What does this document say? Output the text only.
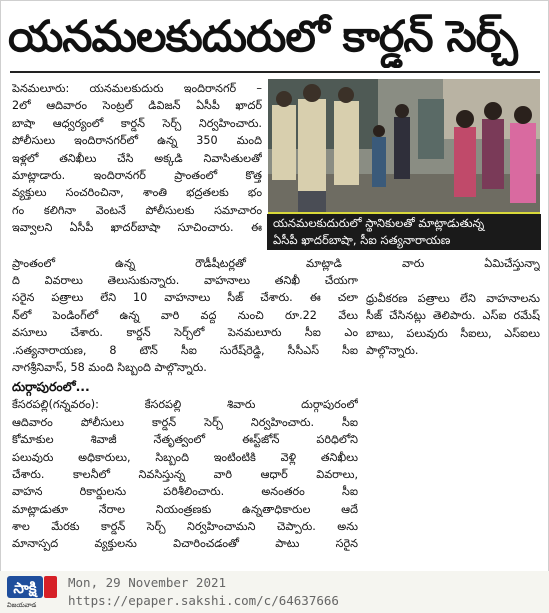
యనమలకుదురులో కార్డన్ సెర్చ్
పెనమలూరు: యనమలకుదురు ఇందిరానగర్ –
2లో ఆదివారం సెంట్రల్ డివిజన్ ఏసీపీ ఖాదర్
బాషా ఆధ్వర్యంలో కార్డన్ సెర్చ్ నిర్వహించారు.
పోలీసులు ఇందిరానగర్‌లో ఉన్న 350 మంది
ఇళ్లలో తనిఖీలు చేసి అక్కడి నివాసితులతో
మాట్లాడారు. ఇందిరానగర్ ప్రాంతంలో కొత్త
వ్యక్తులు సంచరించినా, శాంతి భద్రతలకు భం
గం కలిగినా వెంటనే పోలీసులకు సమాచారం
ఇవ్వాలని ఏసీపీ ఖాదర్‌బాషా సూచించారు. ఈ యనమలకుదురులో స్థానికులతో మాట్లాడుతున్న
ఏసీపీ ఖాదర్‌బాషా, సీఐ సత్యనారాయణ
ప్రాంతంలో ఉన్న రౌడీషీటర్లతో మాట్లాడి వారు ఏమిచేస్తున్నా
ది వివరాలు తెలుసుకున్నారు. వాహనాలు తనిఖీ చేయగా
సరైన పత్రాలు లేని 10 వాహనాలు సీజ్ చేశారు. ఈ చలా
న్‌లో పెండింగ్‌లో ఉన్న వారి వద్ద నుంచి రూ.22 వేలు
వసూలు చేశారు. కార్డన్ సెర్చ్‌లో పెనమలూరు సీఐ ఎం
.సత్యనారాయణ, 8 టౌన్ సీఐ సురేష్‌రెడ్డి, సీసీఎస్ సీఐ
నాగశ్రీనివాస్, 58 మంది సిబ్బంది పాల్గొన్నారు.
దుర్గాపురంలో...
కేసరపల్లి(గన్నవరం): కేసరపల్లి శివారు దుర్గాపురంలో
ఆదివారం పోలీసులు కార్డన్ సెర్చ్ నిర్వహించారు. సీఐ
కోమాకుల శివాజీ నేతృత్వంలో ఈస్ట్‌జోన్ పరిధిలోని
పలువురు అధికారులు, సిబ్బంది ఇంటింటికి వెళ్లి తనిఖీలు
చేశారు. కాలనీలో నివసిస్తున్న వారి ఆధార్ వివరాలు,
వాహన రికార్డులను పరిశీలించారు. అనంతరం సీఐ
మాట్లాడుతూ నేరాల నియంత్రణకు ఉన్నతాధికారుల ఆదే
శాల మేరకు కార్డన్ సెర్చ్ నిర్వహించామని చెప్పారు. అను
మానాస్పద వ్యక్తులను విచారించడంతో పాటు సరైన
ధ్రువీకరణ పత్రాలు లేని వాహనాలను
సీజ్ చేసినట్లు తెలిపారు. ఎస్ఐ రమేష్
బాబు, పలువురు సీఐలు, ఎస్ఐలు
పాల్గొన్నారు.
సాక్షి
విజయవాడ
Mon, 29 November 2021
https://epaper.sakshi.com/c/64637666
